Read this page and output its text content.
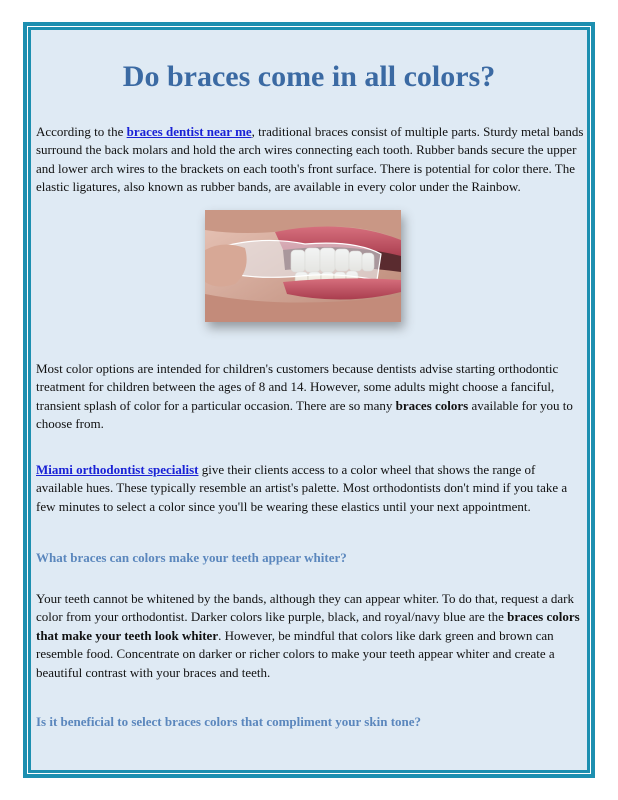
Do braces come in all colors?

According to the braces dentist near me, traditional braces consist of multiple parts. Sturdy metal bands surround the back molars and hold the arch wires connecting each tooth. Rubber bands secure the upper and lower arch wires to the brackets on each tooth's front surface. There is potential for color there. The elastic ligatures, also known as rubber bands, are available in every color under the Rainbow.

Most color options are intended for children's customers because dentists advise starting orthodontic treatment for children between the ages of 8 and 14. However, some adults might choose a fanciful, transient splash of color for a particular occasion. There are so many braces colors available for you to choose from.

Miami orthodontist specialist give their clients access to a color wheel that shows the range of available hues. These typically resemble an artist's palette. Most orthodontists don't mind if you take a few minutes to select a color since you'll be wearing these elastics until your next appointment.

What braces can colors make your teeth appear whiter?

Your teeth cannot be whitened by the bands, although they can appear whiter. To do that, request a dark color from your orthodontist. Darker colors like purple, black, and royal/navy blue are the braces colors that make your teeth look whiter. However, be mindful that colors like dark green and brown can resemble food. Concentrate on darker or richer colors to make your teeth appear whiter and create a beautiful contrast with your braces and teeth.

Is it beneficial to select braces colors that compliment your skin tone?
